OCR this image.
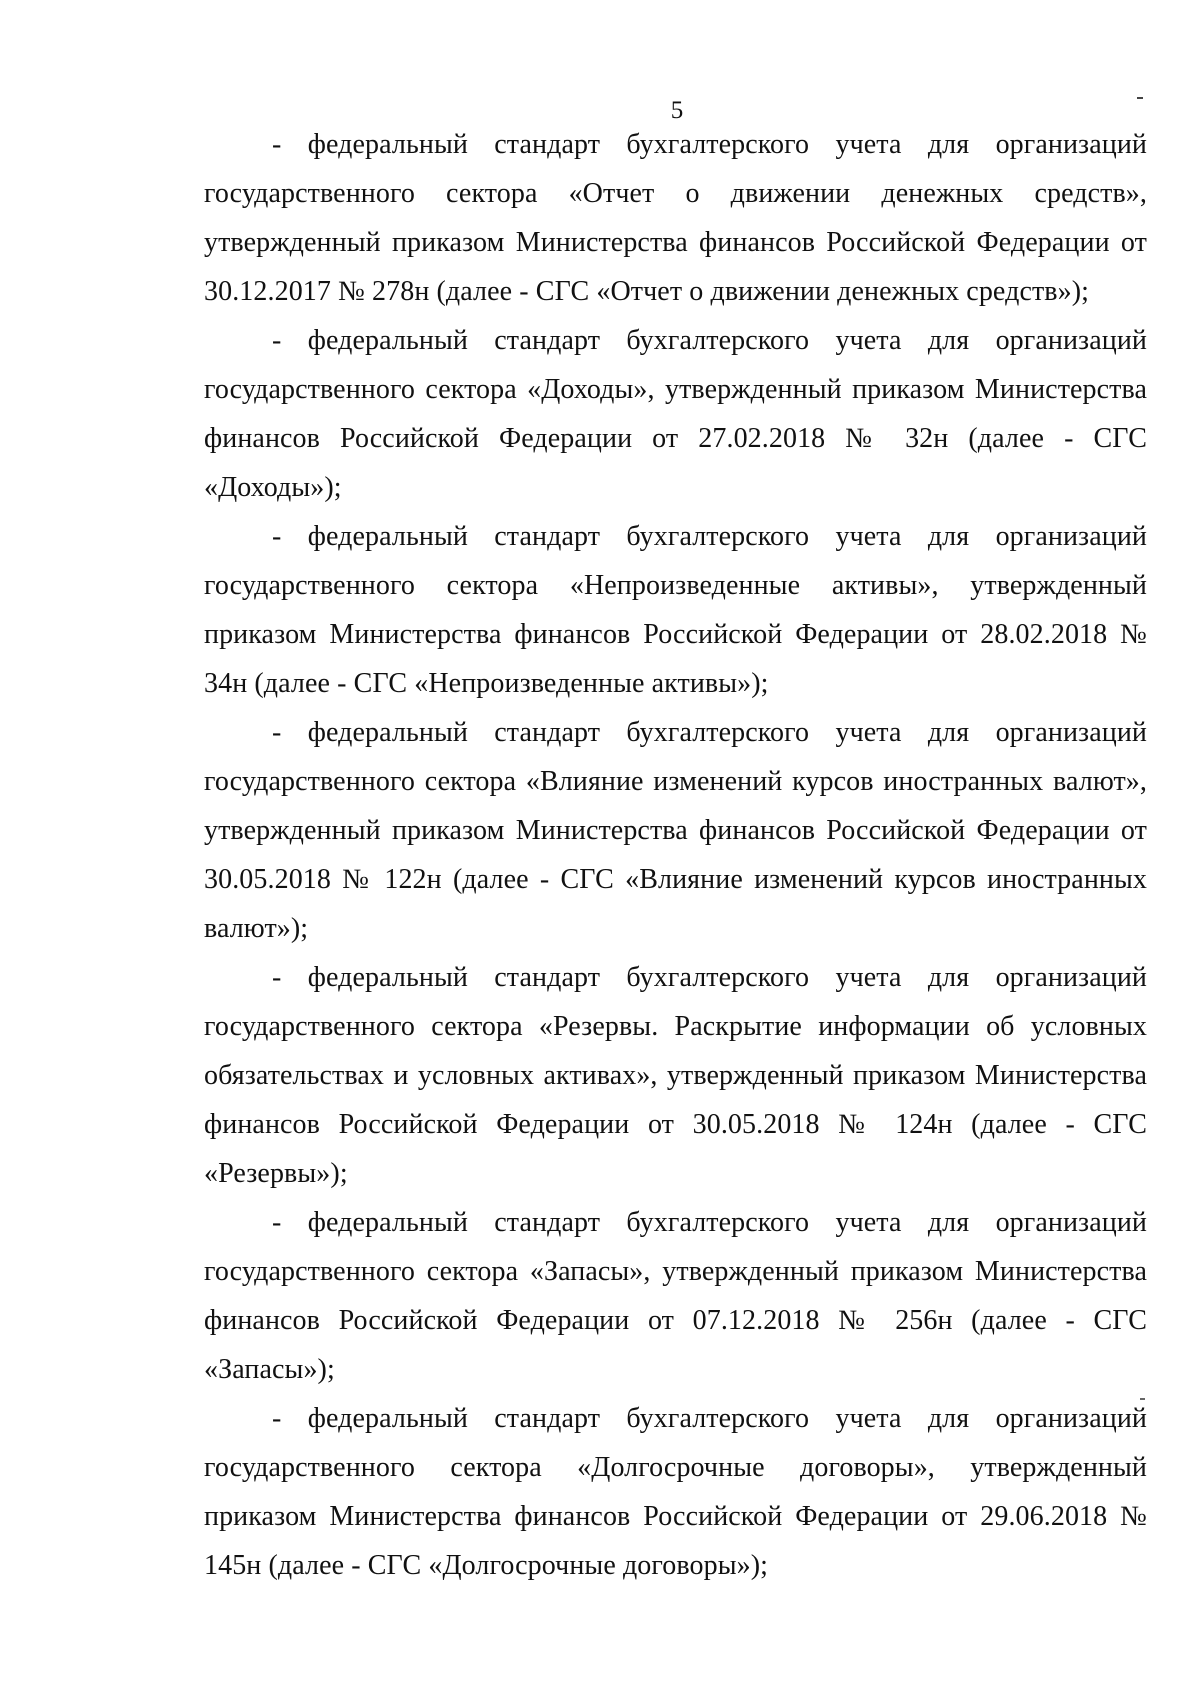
5

- федеральный стандарт бухгалтерского учета для организаций государственного сектора «Отчет о движении денежных средств», утвержденный приказом Министерства финансов Российской Федерации от 30.12.2017 № 278н (далее - СГС «Отчет о движении денежных средств»);

- федеральный стандарт бухгалтерского учета для организаций государственного сектора «Доходы», утвержденный приказом Министерства финансов Российской Федерации от 27.02.2018 № 32н (далее - СГС «Доходы»);

- федеральный стандарт бухгалтерского учета для организаций государственного сектора «Непроизведенные активы», утвержденный приказом Министерства финансов Российской Федерации от 28.02.2018 № 34н (далее - СГС «Непроизведенные активы»);

- федеральный стандарт бухгалтерского учета для организаций государственного сектора «Влияние изменений курсов иностранных валют», утвержденный приказом Министерства финансов Российской Федерации от 30.05.2018 № 122н (далее - СГС «Влияние изменений курсов иностранных валют»);

- федеральный стандарт бухгалтерского учета для организаций государственного сектора «Резервы. Раскрытие информации об условных обязательствах и условных активах», утвержденный приказом Министерства финансов Российской Федерации от 30.05.2018 № 124н (далее - СГС «Резервы»);

- федеральный стандарт бухгалтерского учета для организаций государственного сектора «Запасы», утвержденный приказом Министерства финансов Российской Федерации от 07.12.2018 № 256н (далее - СГС «Запасы»);

- федеральный стандарт бухгалтерского учета для организаций государственного сектора «Долгосрочные договоры», утвержденный приказом Министерства финансов Российской Федерации от 29.06.2018 № 145н (далее - СГС «Долгосрочные договоры»);
